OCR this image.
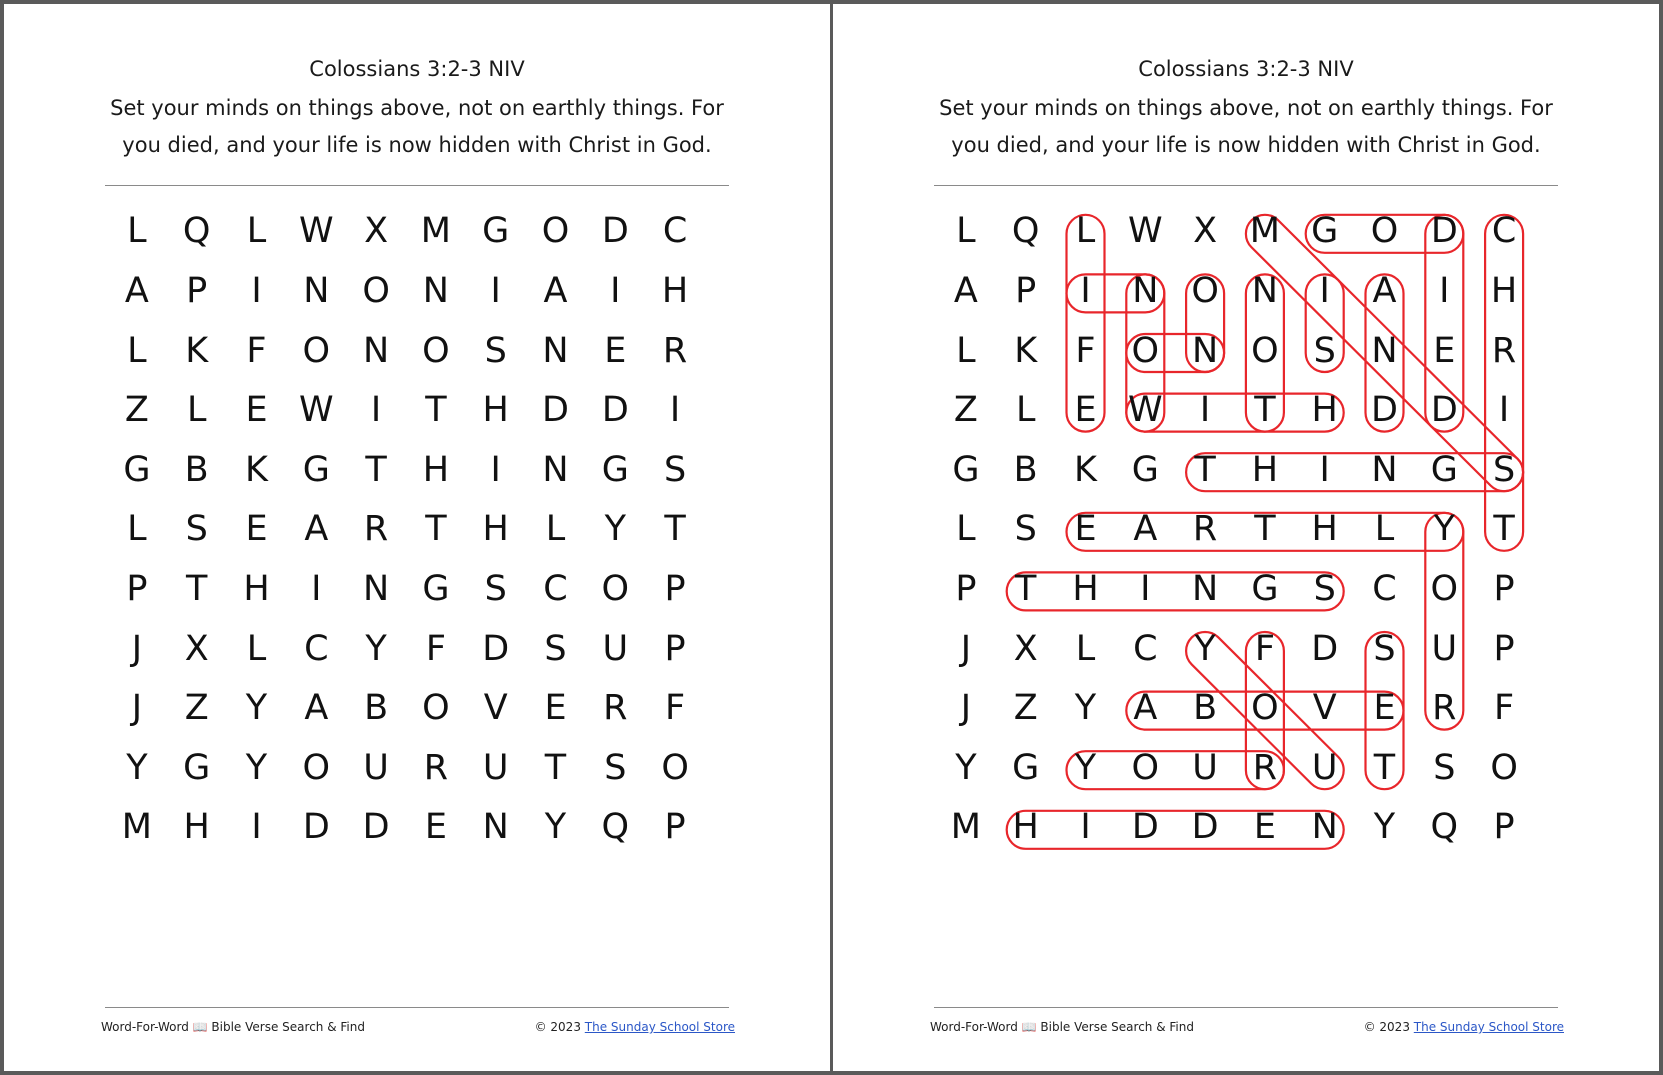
Colossians 3:2-3 NIV
Set your minds on things above, not on earthly things. For
you died, and your life is now hidden with Christ in God.
L	Q	L W X M G O D C
A	P	I	N O N	I	A	I	H
L	K	F	O N O S	N	E	R
Z	L	E W	I	T	H D D	I
G B	K G	T	H	I	N G	S
L	S	E	A	R	T	H	L	Y	T
P	T	H	I	N G	S	C O	P
J	X	L	C	Y	F	D	S	U	P
J	Z	Y	A	B O V	E	R	F
Y	G	Y	O U R U	T	S O
M H	I	D D	E	N	Y	Q	P
Word-For-Word 📖 Bible Verse Search & Find	© 2023 The Sunday School Store
Colossians 3:2-3 NIV
Set your minds on things above, not on earthly things. For
you died, and your life is now hidden with Christ in God.
L	Q	L W X M G O D C
A	P	I	N O N	I	A	I	H
L	K	F	O N O S	N	E	R
Z	L	E W	I	T	H D D	I
G B	K G	T	H	I	N G	S
L	S	E	A	R	T	H	L	Y	T
P	T	H	I	N G	S	C O	P
J	X	L	C	Y	F	D	S	U	P
J	Z	Y	A	B O V	E	R	F
Y	G	Y	O U R U	T	S O
M H	I	D D	E	N	Y	Q	P
Word-For-Word 📖 Bible Verse Search & Find	© 2023 The Sunday School Store
